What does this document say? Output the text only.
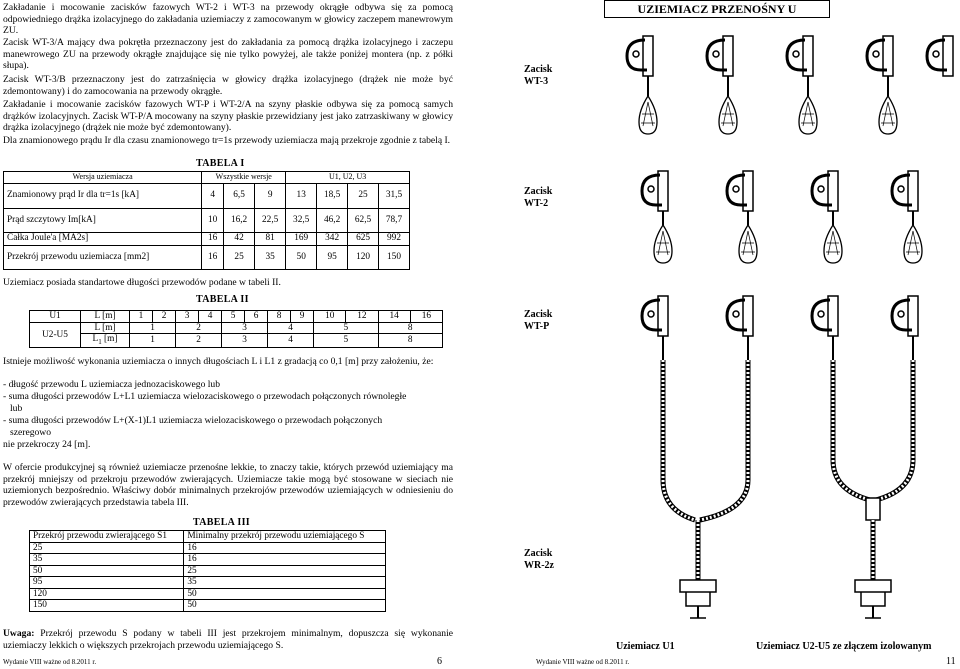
Zakładanie i mocowanie zacisków fazowych WT-2 i WT-3 na przewody okrągłe odbywa się za pomocą odpowiedniego drążka izolacyjnego do zakładania uziemiaczy z zamocowanym w głowicy zaczepem manewrowym ZU.

Zacisk WT-3/A mający dwa pokrętła przeznaczony jest do zakładania za pomocą drążka izolacyjnego i zaczepu manewrowego ZU na przewody okrągłe znajdujące się nie tylko powyżej, ale także poniżej montera (np. z półki słupa).

Zacisk WT-3/B przeznaczony jest do zatrzaśnięcia w głowicy drążka izolacyjnego (drążek nie może być zdemontowany) i do zamocowania na przewody okrągłe.

Zakładanie i mocowanie zacisków fazowych WT-P i WT-2/A na szyny płaskie odbywa się za pomocą samych drążków izolacyjnych. Zacisk WT-P/A mocowany na szyny płaskie przewidziany jest jako zatrzaskiwany w głowicy drążka izolacyjnego (drążek nie może być zdemontowany).

Dla znamionowego prądu Ir dla czasu znamionowego tr=1s przewody uziemiacza mają przekroje zgodnie z tabelą I.

TABELA I
Wersja uziemiacza	Wszystkie wersje			U1, U2, U3			
Znamionowy prąd Ir dla tr=1s [kA]	4	6,5	9	13	18,5	25	31,5
Prąd szczytowy Im[kA]	10	16,2	22,5	32,5	46,2	62,5	78,7
Całka Joule'a [MA2s]	16	42	81	169	342	625	992
Przekrój przewodu uziemiacza [mm2]	16	25	35	50	95	120	150

Uziemiacz posiada standartowe długości przewodów podane w tabeli II.

TABELA II
U1	L [m]	1	2	3	4	5	6	8	9	10	12	14	16
U2-U5	L [m]	1		2		3		4		5		8	
	$L_1$ [m]	1		2		3		4		5		8	

Istnieje możliwość wykonania uziemiacza o innych długościach L i L1 z gradacją co 0,1 [m] przy założeniu, że:

- długość przewodu L uziemiacza jednozaciskowego lub

- suma długości przewodów L+L1 uziemiacza wielozaciskowego o przewodach połączonych równoległe

lub

- suma długości przewodów L+(X-1)L1 uziemiacza wielozaciskowego o przewodach połączonych

szeregowo

nie przekroczy 24 [m].

W ofercie produkcyjnej są również uziemiacze przenośne lekkie, to znaczy takie, których przewód uziemiający ma przekrój mniejszy od przekroju przewodów zwierających. Uziemiacze takie mogą być stosowane w sieciach nie uziemionych bezpośrednio. Właściwy dobór minimalnych przekrojów przewodów uziemiających w odniesieniu do przewodów zwierających przedstawia tabela III.

TABELA III
Przekrój przewodu zwierającego S1	Minimalny przekrój przewodu uziemiającego S
25	16
35	16
50	25
95	35
120	50
150	50

Uwaga: Przekrój przewodu S podany w tabeli III jest przekrojem minimalnym, dopuszcza się wykonanie uziemiaczy lekkich o większych przekrojach przewodu uziemiającego S.

Wydanie VIII ważne od 8.2011 r.	6
UZIEMIACZ PRZENOŚNY U
Zacisk
WT-3
Zacisk
WT-2
Zacisk
WT-P
Zacisk
WR-2z
Uziemiacz U1	Uziemiacz U2-U5 ze złączem izolowanym
Wydanie VIII ważne od 8.2011 r.	11
